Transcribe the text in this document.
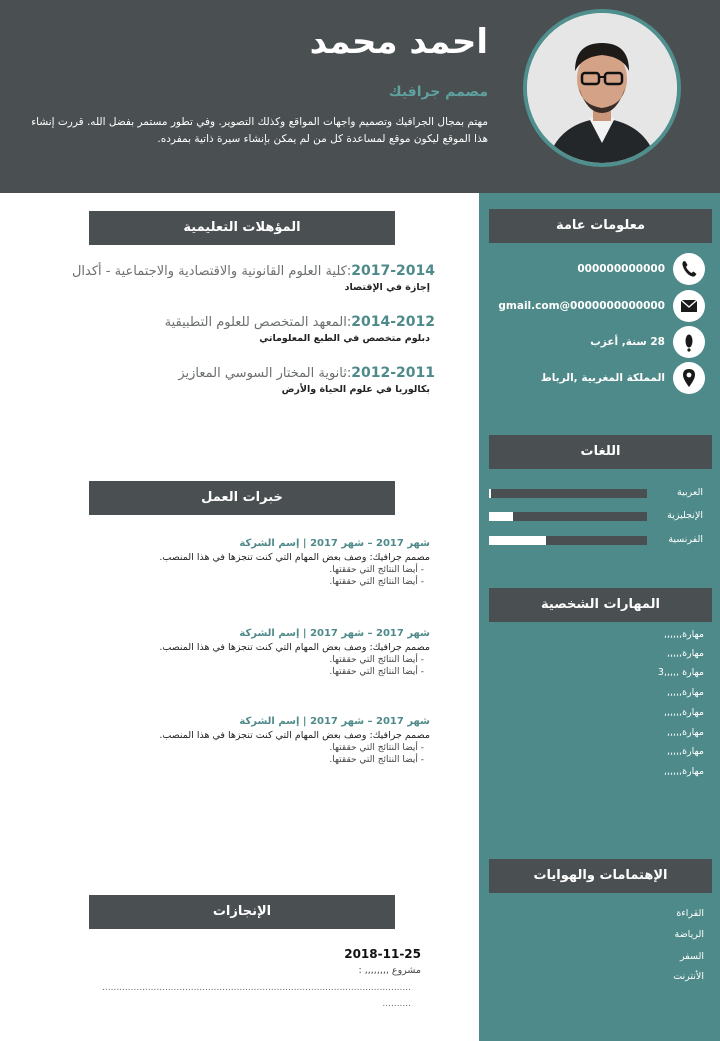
احمد محمد
مصمم جرافيك
مهتم بمجال الجرافيك وتصميم واجهات المواقع وكذلك التصوير. وفي تطور مستمر بفضل الله. قررت إنشاء هذا الموقع ليكون موقع لمساعدة كل من لم يمكن بإنشاء سيرة ذاتية بمفرده.
معلومات عامة
000000000000
0000000000000@gmail.com
28 سنة, أعزب
المملكة المغربية ,الرباط
اللغات
العربية
الإنجليزية
الفرنسية
المهارات الشخصية
مهارة,,,,,,
مهارة,,,,,
مهارة ,,,,,3
مهارة,,,,,
مهارة,,,,,,
مهارة,,,,,
مهارة,,,,,
مهارة,,,,,,
الإهتمامات والهوايات
القراءة
الرياضة
السفر
الأنترنت
المؤهلات التعليمية
2017-2014:كلية العلوم القانونية والاقتصادية والاجتماعية - أكدال
إجازة في الإقتصاد
2014-2012:المعهد المتخصص للعلوم التطبيقية
دبلوم متخصص في الطبع المعلوماتي
2012-2011:ثانوية المختار السوسي المعازيز
بكالوريا في علوم الحياة والأرض
خبرات العمل
شهر 2017 – شهر 2017 | إسم الشركة
مصمم جرافيك: وصف بعض المهام التي كنت تنجزها في هذا المنصب.
- أيضا النتائج التي حققتها.
- أيضا النتائج التي حققتها.
شهر 2017 – شهر 2017 | إسم الشركة
مصمم جرافيك: وصف بعض المهام التي كنت تنجزها في هذا المنصب.
- أيضا النتائج التي حققتها.
- أيضا النتائج التي حققتها.
شهر 2017 – شهر 2017 | إسم الشركة
مصمم جرافيك: وصف بعض المهام التي كنت تنجزها في هذا المنصب.
- أيضا النتائج التي حققتها.
- أيضا النتائج التي حققتها.
الإنجازات
2018-11-25
مشروع ,,,,,,,, :
............................................................................................................
..........
